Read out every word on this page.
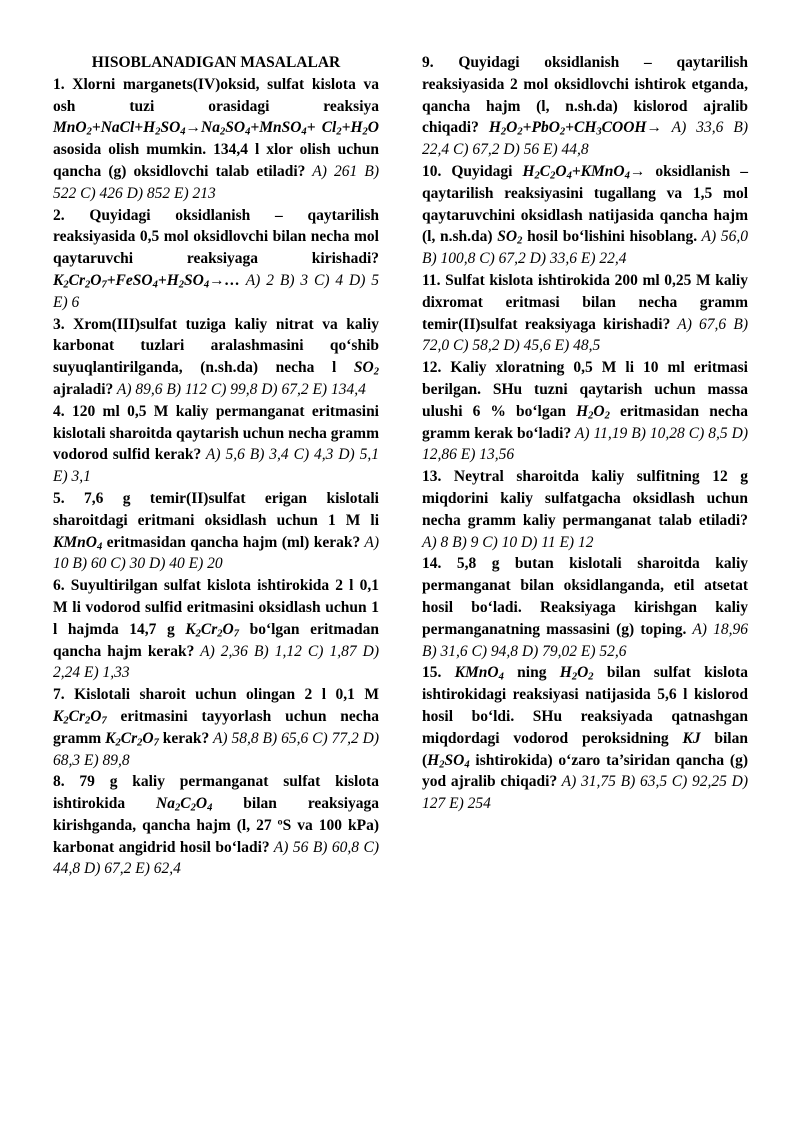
HISOBLANADIGAN MASALALAR

1. Xlorni marganets(IV)oksid, sulfat kislota va osh tuzi orasidagi reaksiya $MnO_2+NaCl+H_2SO_4\to Na_2SO_4+MnSO_4+ Cl_2+H_2O$ asosida olish mumkin. 134,4 l xlor olish uchun qancha (g) oksidlovchi talab etiladi? A) 261 B) 522 C) 426 D) 852 E) 213

2. Quyidagi oksidlanish – qaytarilish reaksiyasida 0,5 mol oksidlovchi bilan necha mol qaytaruvchi reaksiyaga kirishadi? $K_2Cr_2O_7+FeSO_4+H_2SO_4\to\dots$ A) 2 B) 3 C) 4 D) 5 E) 6

3. Xrom(III)sulfat tuziga kaliy nitrat va kaliy karbonat tuzlari aralashmasini qo‘shib suyuqlantirilganda, (n.sh.da) necha l $SO_2$ ajraladi? A) 89,6 B) 112 C) 99,8 D) 67,2 E) 134,4

4. 120 ml 0,5 M kaliy permanganat eritmasini kislotali sharoitda qaytarish uchun necha gramm vodorod sulfid kerak? A) 5,6 B) 3,4 C) 4,3 D) 5,1 E) 3,1

5. 7,6 g temir(II)sulfat erigan kislotali sharoitdagi eritmani oksidlash uchun 1 M li KMnO$_4$ eritmasidan qancha hajm (ml) kerak? A) 10 B) 60 C) 30 D) 40 E) 20

6. Suyultirilgan sulfat kislota ishtirokida 2 l 0,1 M li vodorod sulfid eritmasini oksidlash uchun 1 l hajmda 14,7 g $K_2Cr_2O_7$ bo‘lgan eritmadan qancha hajm kerak? A) 2,36 B) 1,12 C) 1,87 D) 2,24 E) 1,33

7. Kislotali sharoit uchun olingan 2 l 0,1 M $K_2Cr_2O_7$ eritmasini tayyorlash uchun necha gramm $K_2Cr_2O_7$ kerak? A) 58,8 B) 65,6 C) 77,2 D) 68,3 E) 89,8

8. 79 g kaliy permanganat sulfat kislota ishtirokida $Na_2C_2O_4$ bilan reaksiyaga kirishganda, qancha hajm (l, 27 ºS va 100 kPa) karbonat angidrid hosil bo‘ladi? A) 56 B) 60,8 C) 44,8 D) 67,2 E) 62,4

9. Quyidagi oksidlanish – qaytarilish reaksiyasida 2 mol oksidlovchi ishtirok etganda, qancha hajm (l, n.sh.da) kislorod ajralib chiqadi? $H_2O_2+PbO_2+CH_3COOH\to A$) 33,6 B) 22,4 C) 67,2 D) 56 E) 44,8

10. Quyidagi $H_2C_2O_4+KMnO_4\to$ oksidlanish – qaytarilish reaksiyasini tugallang va 1,5 mol qaytaruvchini oksidlash natijasida qancha hajm (l, n.sh.da) $SO_2$ hosil bo‘lishini hisoblang. A) 56,0 B) 100,8 C) 67,2 D) 33,6 E) 22,4

11. Sulfat kislota ishtirokida 200 ml 0,25 M kaliy dixromat eritmasi bilan necha gramm temir(II)sulfat reaksiyaga kirishadi? A) 67,6 B) 72,0 C) 58,2 D) 45,6 E) 48,5

12. Kaliy xloratning 0,5 M li 10 ml eritmasi berilgan. SHu tuzni qaytarish uchun massa ulushi 6 % bo‘lgan $H_2O_2$ eritmasidan necha gramm kerak bo‘ladi? A) 11,19 B) 10,28 C) 8,5 D) 12,86 E) 13,56

13. Neytral sharoitda kaliy sulfitning 12 g miqdorini kaliy sulfatgacha oksidlash uchun necha gramm kaliy permanganat talab etiladi? A) 8 B) 9 C) 10 D) 11 E) 12

14. 5,8 g butan kislotali sharoitda kaliy permanganat bilan oksidlanganda, etil atsetat hosil bo‘ladi. Reaksiyaga kirishgan kaliy permanganatning massasini (g) toping. A) 18,96 B) 31,6 C) 94,8 D) 79,02 E) 52,6

15. KMnO$_4$ ning $H_2O_2$ bilan sulfat kislota ishtirokidagi reaksiyasi natijasida 5,6 l kislorod hosil bo‘ldi. SHu reaksiyada qatnashgan miqdordagi vodorod peroksidning KJ bilan ($H_2SO_4$ ishtirokida) o‘zaro ta’siridan qancha (g) yod ajralib chiqadi? A) 31,75 B) 63,5 C) 92,25 D) 127 E) 254
